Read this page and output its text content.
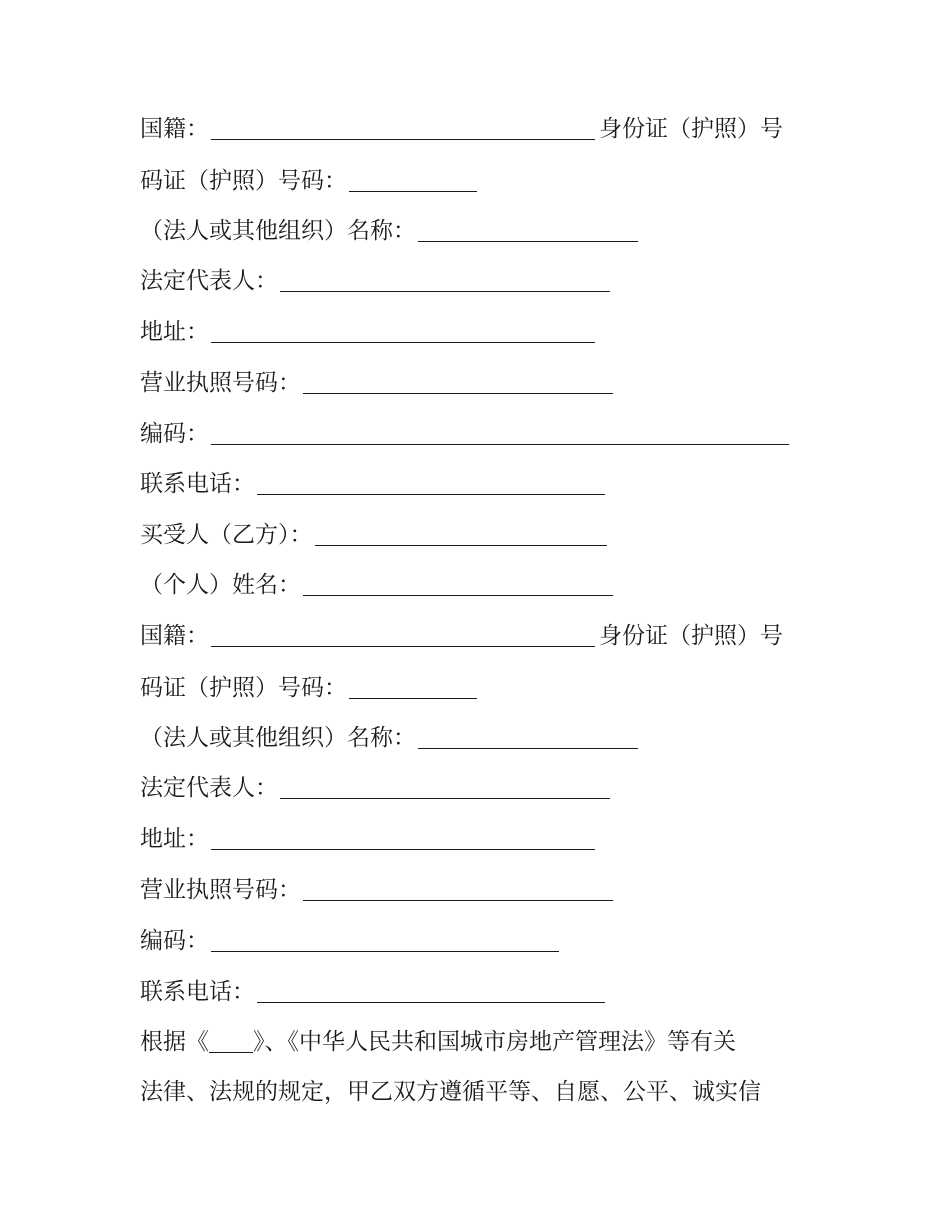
国籍：	身份证（护照）号
码证（护照）号码：
（法人或其他组织）名称：
法定代表人：
地址：
营业执照号码：
编码：
联系电话：
买受人（乙方）：
（个人）姓名：
国籍：	身份证（护照）号
码证（护照）号码：
（法人或其他组织）名称：
法定代表人：
地址：
营业执照号码：
编码：
联系电话：
根据《 》、《中华人民共和国城市房地产管理法》等有关
法律、法规的规定，甲乙双方遵循平等、自愿、公平、诚实信
